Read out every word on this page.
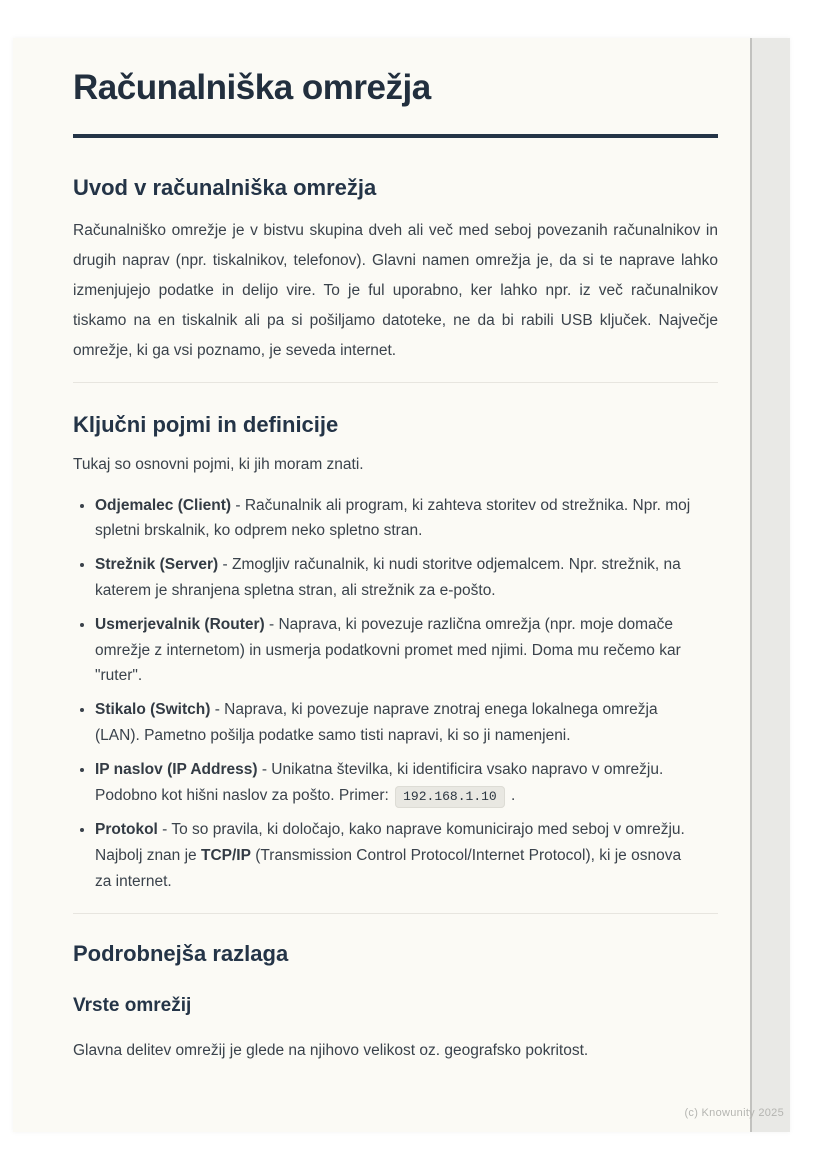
Računalniška omrežja
Uvod v računalniška omrežja

Računalniško omrežje je v bistvu skupina dveh ali več med seboj povezanih računalnikov in drugih naprav (npr. tiskalnikov, telefonov). Glavni namen omrežja je, da si te naprave lahko izmenjujejo podatke in delijo vire. To je ful uporabno, ker lahko npr. iz več računalnikov tiskamo na en tiskalnik ali pa si pošiljamo datoteke, ne da bi rabili USB ključek. Največje omrežje, ki ga vsi poznamo, je seveda internet.

Ključni pojmi in definicije

Tukaj so osnovni pojmi, ki jih moram znati.

• Odjemalec (Client) - Računalnik ali program, ki zahteva storitev od strežnika. Npr. moj spletni brskalnik, ko odprem neko spletno stran.
• Strežnik (Server) - Zmogljiv računalnik, ki nudi storitve odjemalcem. Npr. strežnik, na katerem je shranjena spletna stran, ali strežnik za e-pošto.
• Usmerjevalnik (Router) - Naprava, ki povezuje različna omrežja (npr. moje domače omrežje z internetom) in usmerja podatkovni promet med njimi. Doma mu rečemo kar "ruter".
• Stikalo (Switch) - Naprava, ki povezuje naprave znotraj enega lokalnega omrežja (LAN). Pametno pošilja podatke samo tisti napravi, ki so ji namenjeni.
• IP naslov (IP Address) - Unikatna številka, ki identificira vsako napravo v omrežju. Podobno kot hišni naslov za pošto. Primer: 192.168.1.10 .
• Protokol - To so pravila, ki določajo, kako naprave komunicirajo med seboj v omrežju. Najbolj znan je TCP/IP (Transmission Control Protocol/Internet Protocol), ki je osnova za internet.
Podrobnejša razlaga
Vrste omrežij

Glavna delitev omrežij je glede na njihovo velikost oz. geografsko pokritost.

(c) Knowunity 2025
